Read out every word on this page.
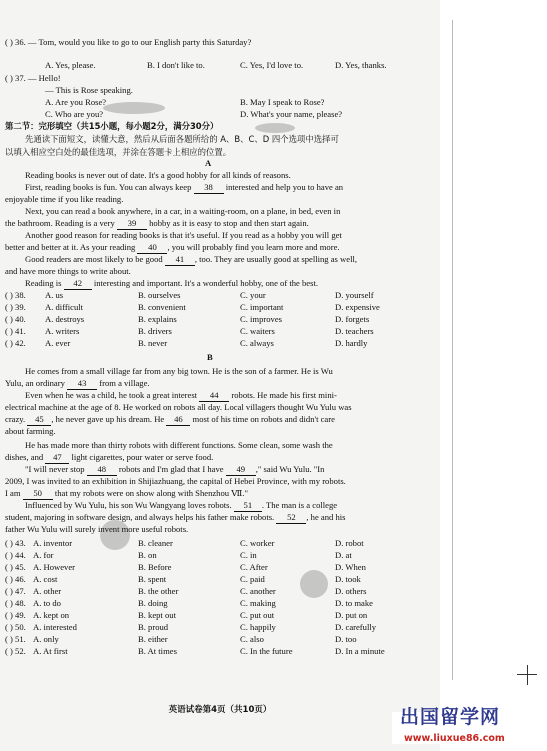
( ) 36. — Tom, would you like to go to our English party this Saturday?
A. Yes, please.	B. I don't like to.	C. Yes, I'd love to.	D. Yes, thanks.
( ) 37. — Hello!
— This is Rose speaking.
A. Are you Rose?	B. May I speak to Rose?
C. Who are you?	D. What's your name, please?
第二节：完形填空（共15小题，每小题2分，满分30分）
先通读下面短文，读懂大意，然后从后面各题所给的 A、B、C、D 四个选项中选择可
以填入相应空白处的最佳选项，并涂在答题卡上相应的位置。
A
Reading books is never out of date. It's a good hobby for all kinds of reasons.
First, reading books is fun. You can always keep 38 interested and help you to have an
enjoyable time if you like reading.
Next, you can read a book anywhere, in a car, in a waiting-room, on a plane, in bed, even in
the bathroom. Reading is a very 39 hobby as it is easy to stop and then start again.
Another good reason for reading books is that it's useful. If you read as a hobby you will get
better and better at it. As your reading 40 , you will probably find you learn more and more.
Good readers are most likely to be good 41 , too. They are usually good at spelling as well,
and have more things to write about.
Reading is 42 interesting and important. It's a wonderful hobby, one of the best.
( ) 38. A. us	B. ourselves	C. your	D. yourself
( ) 39. A. difficult	B. convenient	C. important	D. expensive
( ) 40. A. destroys	B. explains	C. improves	D. forgets
( ) 41. A. writers	B. drivers	C. waiters	D. teachers
( ) 42. A. ever	B. never	C. always	D. hardly
B
He comes from a small village far from any big town. He is the son of a farmer. He is Wu
Yulu, an ordinary 43 from a village.
Even when he was a child, he took a great interest 44 robots. He made his first mini-
electrical machine at the age of 8. He worked on robots all day. Local villagers thought Wu Yulu was
crazy. 45 , he never gave up his dream. He 46 most of his time on robots and didn't care
about farming.
He has made more than thirty robots with different functions. Some clean, some wash the
dishes, and 47 light cigarettes, pour water or serve food.
"I will never stop 48 robots and I'm glad that I have 49 ," said Wu Yulu. "In
2009, I was invited to an exhibition in Shijiazhuang, the capital of Hebei Province, with my robots.
I am 50 that my robots were on show along with Shenzhou Ⅶ."
Influenced by Wu Yulu, his son Wu Wangyang loves robots. 51 . The man is a college
student, majoring in software design, and always helps his father make robots. 52 , he and his
father Wu Yulu will surely invent more useful robots.
( ) 43. A. inventor	B. cleaner	C. worker	D. robot
( ) 44. A. for	B. on	C. in	D. at
( ) 45. A. However	B. Before	C. After	D. When
( ) 46. A. cost	B. spent	C. paid	D. took
( ) 47. A. other	B. the other	C. another	D. others
( ) 48. A. to do	B. doing	C. making	D. to make
( ) 49. A. kept on	B. kept out	C. put out	D. put on
( ) 50. A. interested	B. proud	C. happily	D. carefully
( ) 51. A. only	B. either	C. also	D. too
( ) 52. A. At first	B. At times	C. In the future	D. In a minute
英语试卷第4页（共10页）	出国留学网
www.liuxue86.com
